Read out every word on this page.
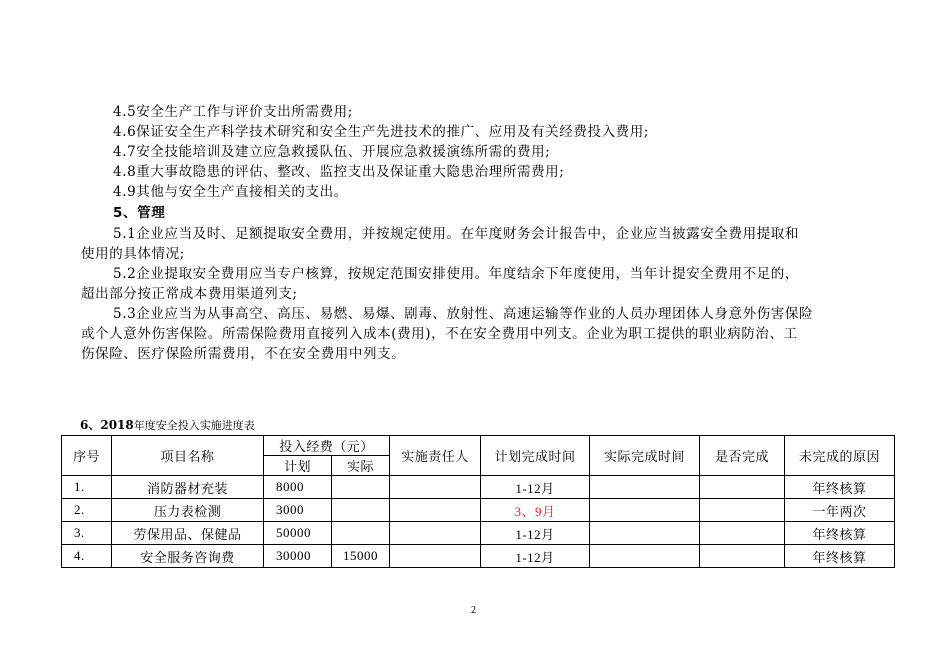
4.5安全生产工作与评价支出所需费用;
4.6保证安全生产科学技术研究和安全生产先进技术的推广、应用及有关经费投入费用;
4.7安全技能培训及建立应急救援队伍、开展应急救援演练所需的费用;
4.8重大事故隐患的评估、整改、监控支出及保证重大隐患治理所需费用;
4.9其他与安全生产直接相关的支出。
5、管理
5.1企业应当及时、足额提取安全费用，并按规定使用。在年度财务会计报告中，企业应当披露安全费用提取和
使用的具体情况;
5.2企业提取安全费用应当专户核算，按规定范围安排使用。年度结余下年度使用，当年计提安全费用不足的，
超出部分按正常成本费用渠道列支;
5.3企业应当为从事高空、高压、易燃、易爆、剧毒、放射性、高速运输等作业的人员办理团体人身意外伤害保险
或个人意外伤害保险。所需保险费用直接列入成本(费用)，不在安全费用中列支。企业为职工提供的职业病防治、工
伤保险、医疗保险所需费用，不在安全费用中列支。
6、2018年度安全投入实施进度表
序号	项目名称	投入经费（元）		实施责任人	计划完成时间	实际完成时间	是否完成	未完成的原因
		计划	实际					
1.	消防器材充装	8000			1-12月			年终核算
2.	压力表检测	3000			3、9月			一年两次
3.	劳保用品、保健品	50000			1-12月			年终核算
4.	安全服务咨询费	30000	15000		1-12月			年终核算
2
